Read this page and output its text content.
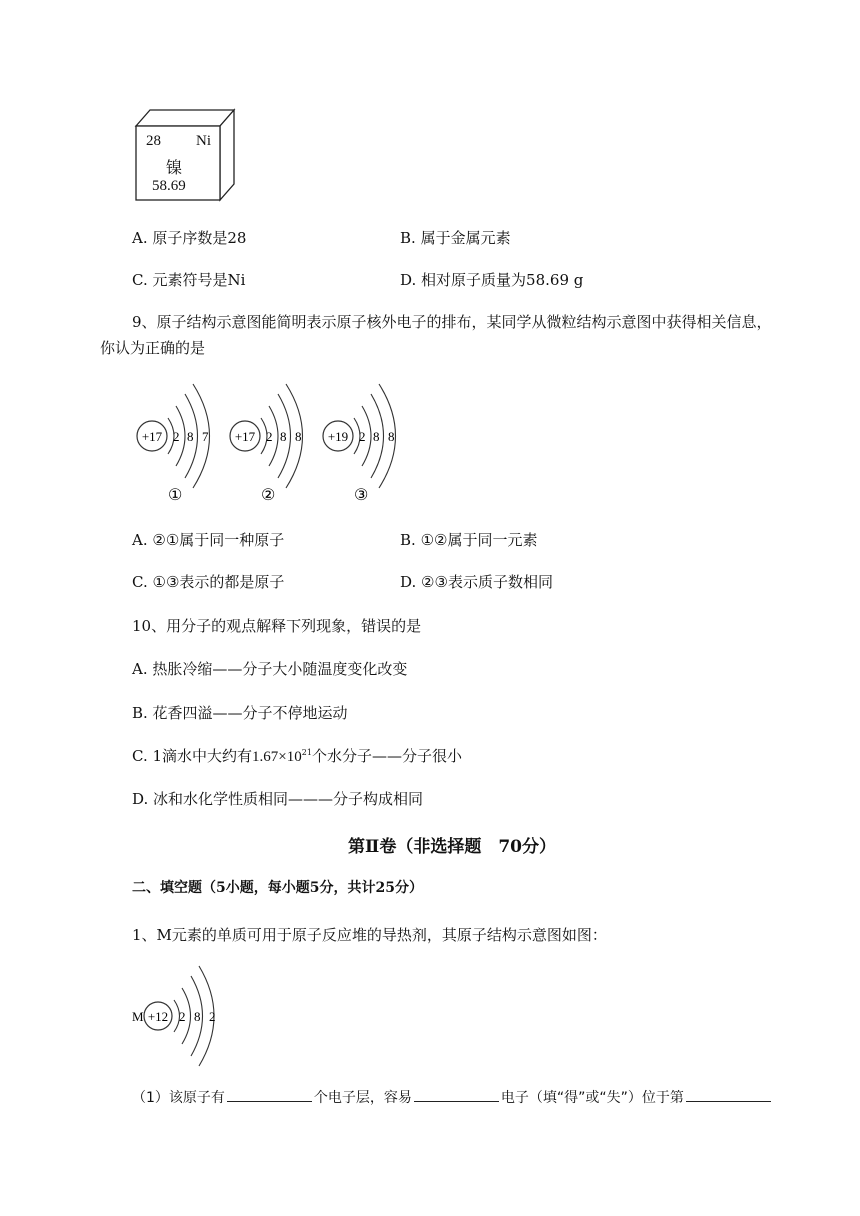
28 Ni
镍
58.69
A. 原子序数是28	B. 属于金属元素
C. 元素符号是Ni	D. 相对原子质量为58.69 g
9、原子结构示意图能简明表示原子核外电子的排布，某同学从微粒结构示意图中获得相关信息，
你认为正确的是
+17 2 8 7
①
+17 2 8 8
②
+19 2 8 8
③
A. ②①属于同一种原子	B. ①②属于同一元素
C. ①③表示的都是原子	D. ②③表示质子数相同
10、用分子的观点解释下列现象，错误的是
A. 热胀冷缩——分子大小随温度变化改变
B. 花香四溢——分子不停地运动
C. 1滴水中大约有$1.67\times 10^{21}$个水分子——分子很小
D. 冰和水化学性质相同———分子构成相同
第Ⅱ卷（非选择题　70分）
二、填空题（5小题，每小题5分，共计25分）
1、M元素的单质可用于原子反应堆的导热剂，其原子结构示意图如图：
M +12 2 8 2
（1）该原子有	个电子层，容易	电子（填“得”或“失”）位于第
